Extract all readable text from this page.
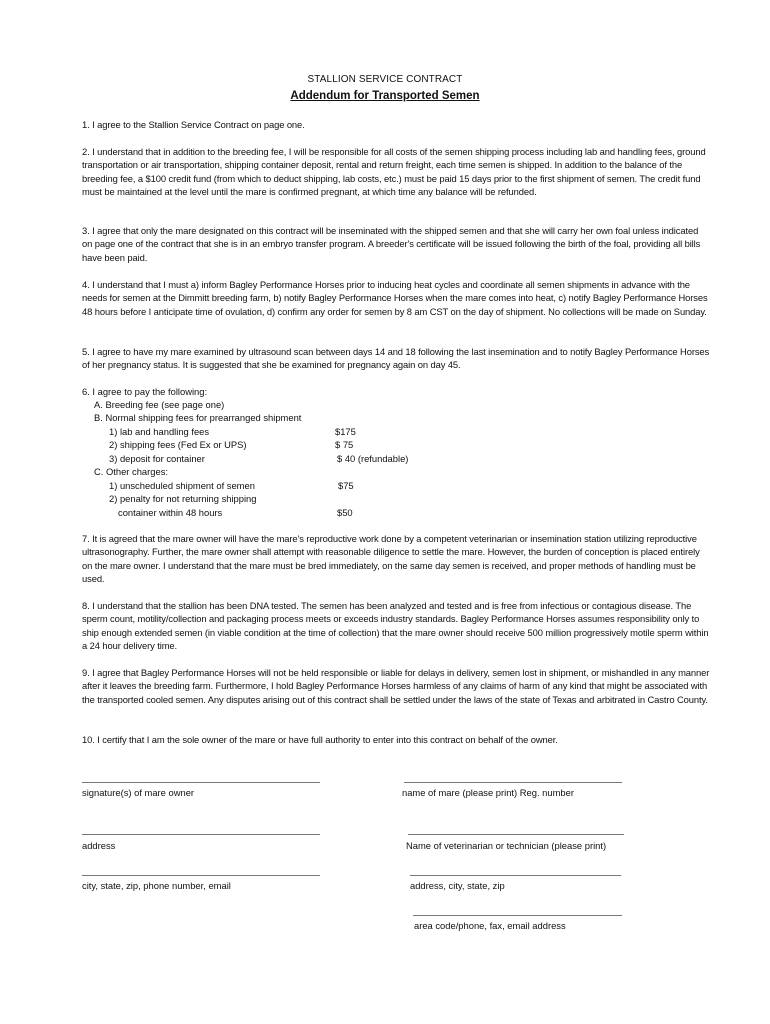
STALLION SERVICE CONTRACT
Addendum for Transported Semen

1. I agree to the Stallion Service Contract on page one.

2. I understand that in addition to the breeding fee, I will be responsible for all costs of the semen shipping process including lab and handling fees, ground transportation or air transportation, shipping container deposit, rental and return freight, each time semen is shipped. In addition to the balance of the breeding fee, a $100 credit fund (from which to deduct shipping, lab costs, etc.) must be paid 15 days prior to the first shipment of semen. The credit fund must be maintained at the level until the mare is confirmed pregnant, at which time any balance will be refunded.

3. I agree that only the mare designated on this contract will be inseminated with the shipped semen and that she will carry her own foal unless indicated on page one of the contract that she is in an embryo transfer program. A breeder's certificate will be issued following the birth of the foal, providing all bills have been paid.

4. I understand that I must a) inform Bagley Performance Horses prior to inducing heat cycles and coordinate all semen shipments in advance with the needs for semen at the Dimmitt breeding farm, b) notify Bagley Performance Horses when the mare comes into heat, c) notify Bagley Performance Horses 48 hours before I anticipate time of ovulation, d) confirm any order for semen by 8 am CST on the day of shipment. No collections will be made on Sunday.

5. I agree to have my mare examined by ultrasound scan between days 14 and 18 following the last insemination and to notify Bagley Performance Horses of her pregnancy status. It is suggested that she be examined for pregnancy again on day 45.

6. I agree to pay the following:
A. Breeding fee (see page one)
B. Normal shipping fees for prearranged shipment
1) lab and handling fees	$175
2) shipping fees (Fed Ex or UPS)	$ 75
3) deposit for container	$ 40 (refundable)
C. Other charges:
1) unscheduled shipment of semen	$75
2) penalty for not returning shipping
container within 48 hours	$50

7. It is agreed that the mare owner will have the mare's reproductive work done by a competent veterinarian or insemination station utilizing reproductive ultrasonography. Further, the mare owner shall attempt with reasonable diligence to settle the mare. However, the burden of conception is placed entirely on the mare owner. I understand that the mare must be bred immediately, on the same day semen is received, and proper methods of handling must be used.

8. I understand that the stallion has been DNA tested. The semen has been analyzed and tested and is free from infectious or contagious disease. The sperm count, motility/collection and packaging process meets or exceeds industry standards. Bagley Performance Horses assumes responsibility only to ship enough extended semen (in viable condition at the time of collection) that the mare owner should receive 500 million progressively motile sperm within a 24 hour delivery time.

9. I agree that Bagley Performance Horses will not be held responsible or liable for delays in delivery, semen lost in shipment, or mishandled in any manner after it leaves the breeding farm. Furthermore, I hold Bagley Performance Horses harmless of any claims of harm of any kind that might be associated with the transported cooled semen. Any disputes arising out of this contract shall be settled under the laws of the state of Texas and arbitrated in Castro County.

10. I certify that I am the sole owner of the mare or have full authority to enter into this contract on behalf of the owner.

signature(s) of mare owner	name of mare (please print) Reg. number
address	Name of veterinarian or technician (please print)
city, state, zip, phone number, email	address, city, state, zip
area code/phone, fax, email address
